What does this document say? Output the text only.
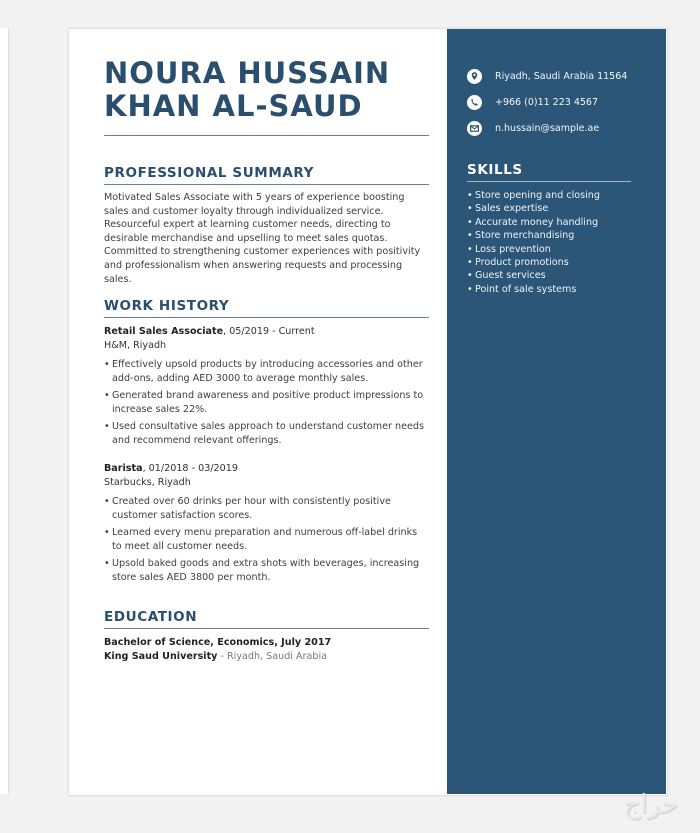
NOURA HUSSAIN
KHAN AL-SAUD
PROFESSIONAL SUMMARY
Motivated Sales Associate with 5 years of experience boosting sales and customer loyalty through individualized service. Resourceful expert at learning customer needs, directing to desirable merchandise and upselling to meet sales quotas. Committed to strengthening customer experiences with positivity and professionalism when answering requests and processing sales.
WORK HISTORY
Retail Sales Associate, 05/2019 - Current
H&M, Riyadh
• Effectively upsold products by introducing accessories and other add-ons, adding AED 3000 to average monthly sales.
• Generated brand awareness and positive product impressions to increase sales 22%.
• Used consultative sales approach to understand customer needs and recommend relevant offerings.
Barista, 01/2018 - 03/2019
Starbucks, Riyadh
• Created over 60 drinks per hour with consistently positive customer satisfaction scores.
• Learned every menu preparation and numerous off-label drinks to meet all customer needs.
• Upsold baked goods and extra shots with beverages, increasing store sales AED 3800 per month.
EDUCATION
Bachelor of Science, Economics, July 2017
King Saud University - Riyadh, Saudi Arabia
Riyadh, Saudi Arabia 11564
+966 (0)11 223 4567
n.hussain@sample.ae
SKILLS
• Store opening and closing
• Sales expertise
• Accurate money handling
• Store merchandising
• Loss prevention
• Product promotions
• Guest services
• Point of sale systems
حراج
